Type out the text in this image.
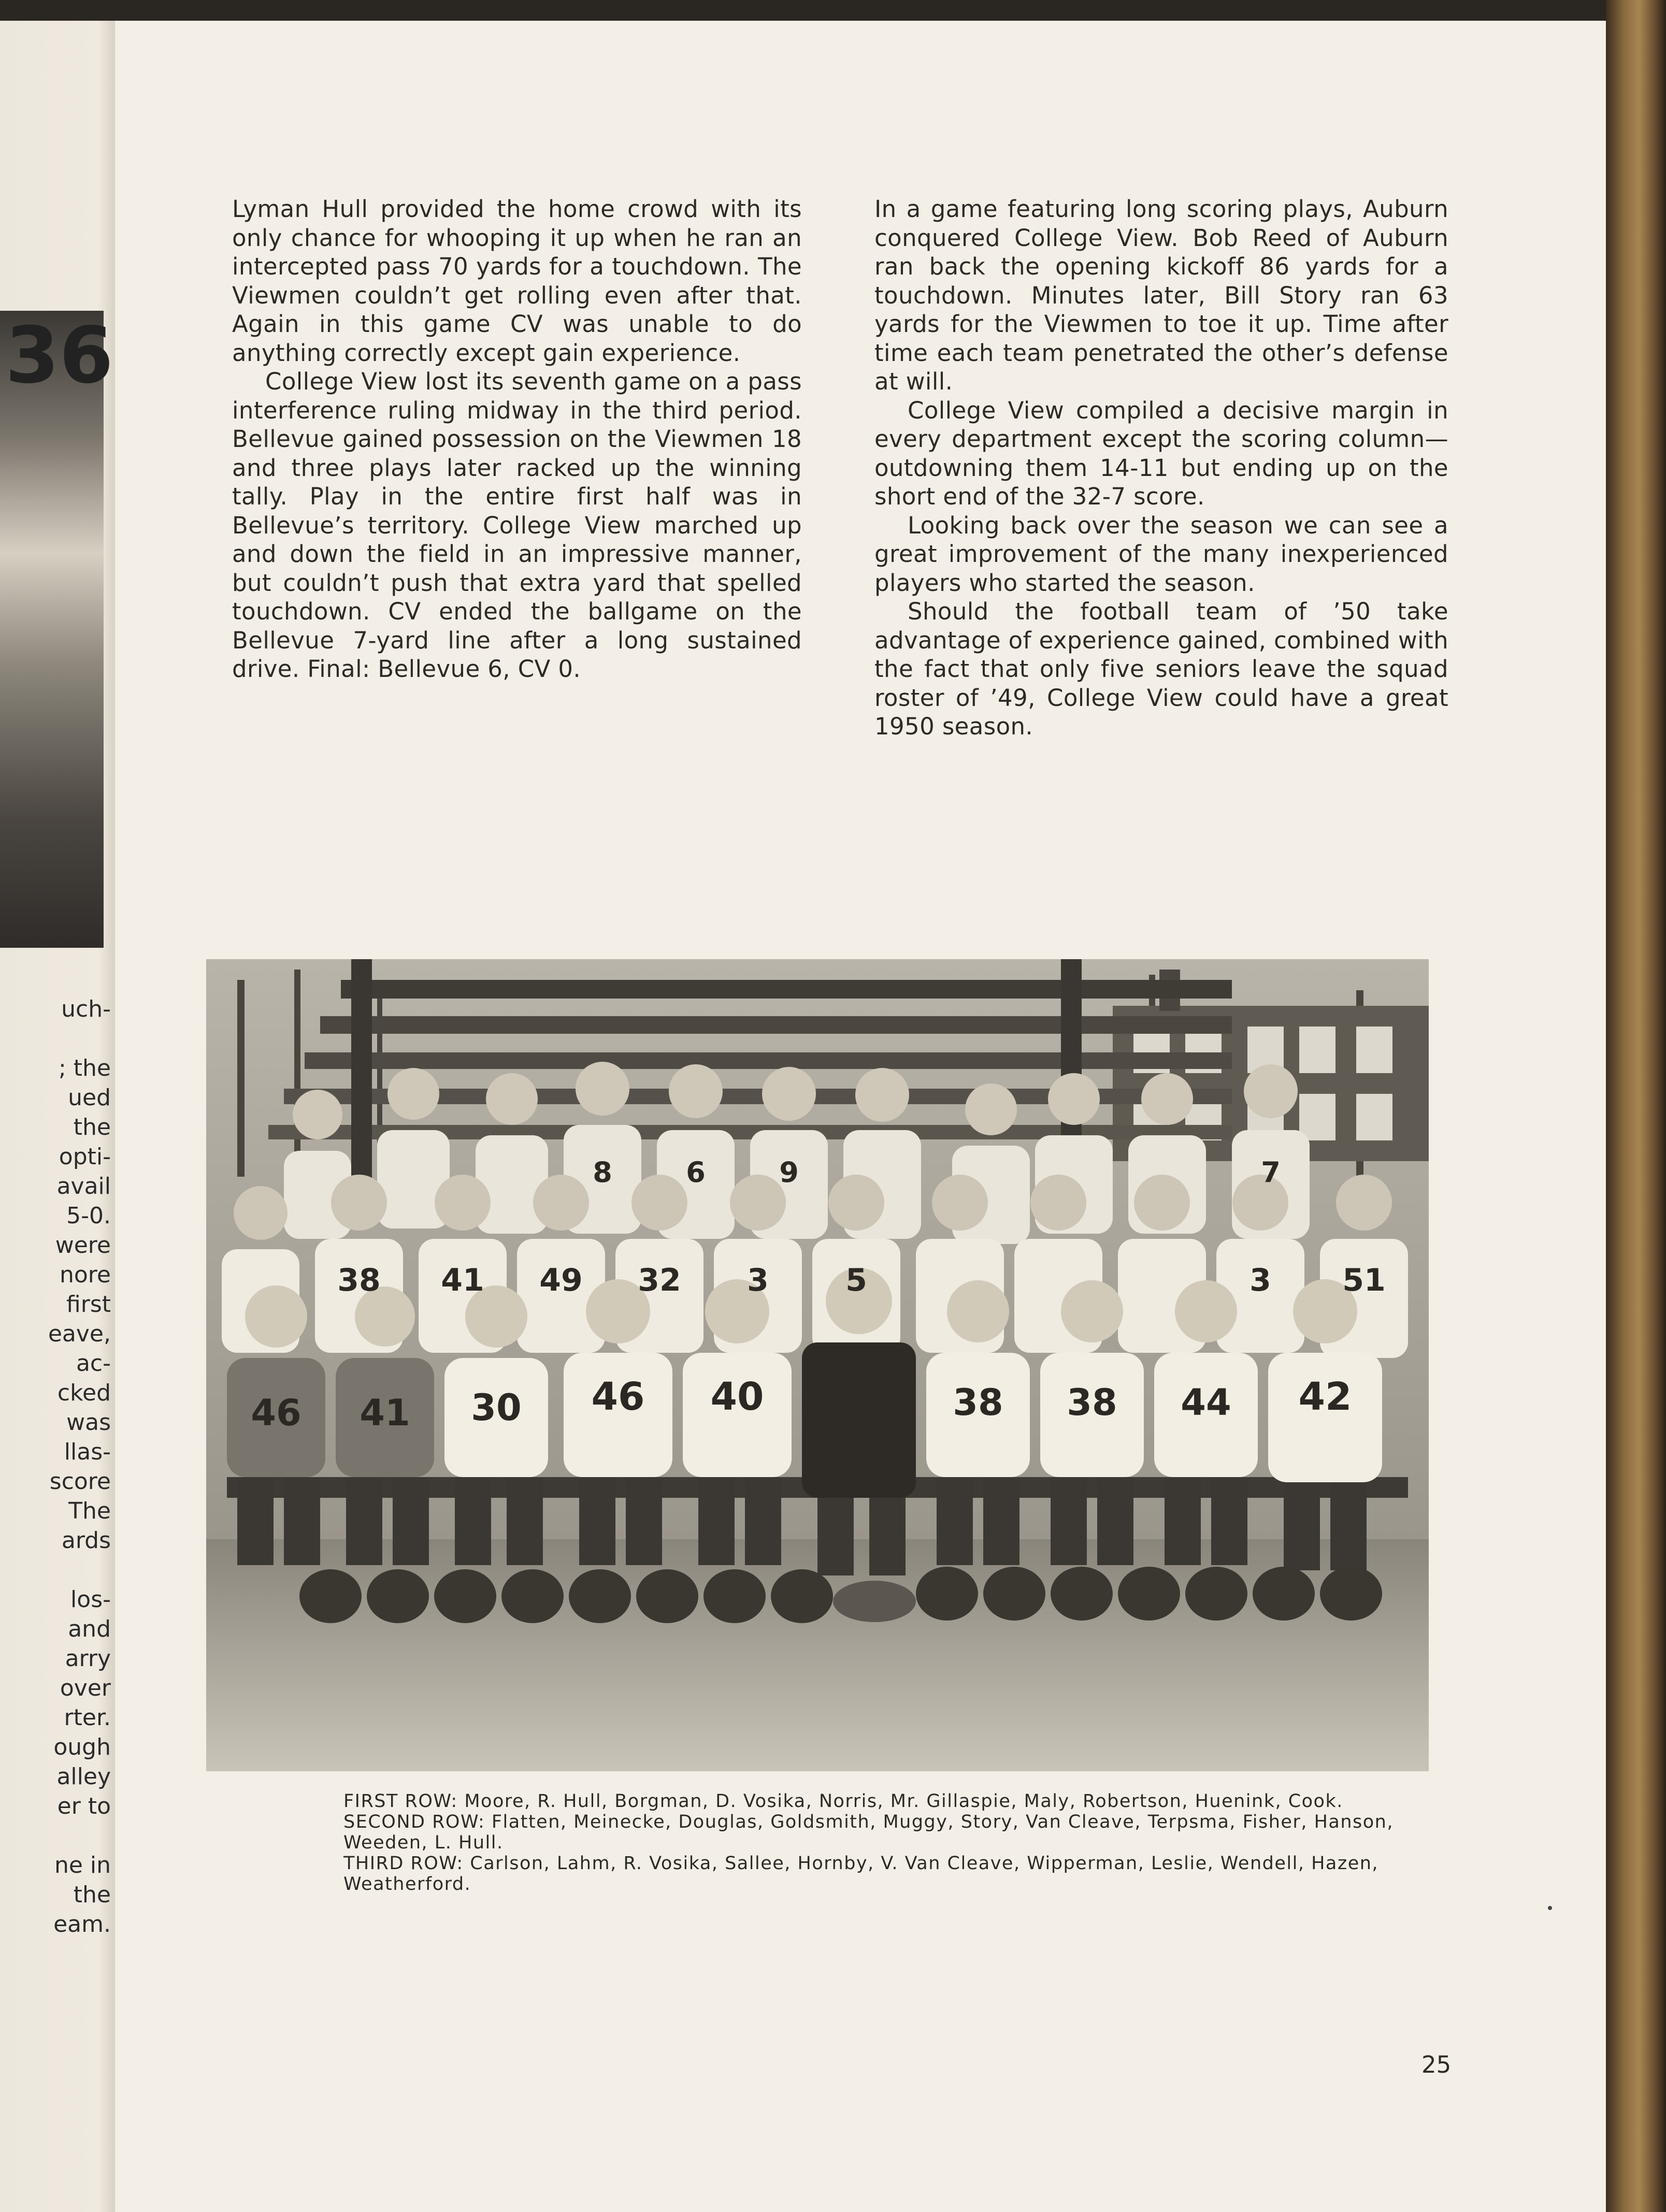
Lyman Hull provided the home crowd with its only chance for whooping it up when he ran an intercepted pass 70 yards for a touchdown. The Viewmen couldn’t get rolling even after that. Again in this game CV was unable to do anything correctly except gain experience.

College View lost its seventh game on a pass interference ruling midway in the third period. Bellevue gained possession on the Viewmen 18 and three plays later racked up the winning tally. Play in the entire first half was in Bellevue’s territory. College View marched up and down the field in an impressive manner, but couldn’t push that extra yard that spelled touchdown. CV ended the ballgame on the Bellevue 7-yard line after a long sustained drive. Final: Bellevue 6, CV 0.

In a game featuring long scoring plays, Auburn conquered College View. Bob Reed of Auburn ran back the opening kickoff 86 yards for a touchdown. Minutes later, Bill Story ran 63 yards for the Viewmen to toe it up. Time after time each team penetrated the other’s defense at will.

College View compiled a decisive margin in every department except the scoring column—outdowning them 14-11 but ending up on the short end of the 32-7 score.

Looking back over the season we can see a great improvement of the many inexperienced players who started the season.

Should the football team of ’50 take advantage of experience gained, combined with the fact that only five seniors leave the squad roster of ’49, College View could have a great 1950 season.

46 41 30 46 40	38 38 44 42
38 41 49 32 3 5	3 51
8	6	9	7

FIRST ROW: Moore, R. Hull, Borgman, D. Vosika, Norris, Mr. Gillaspie, Maly, Robertson, Huenink, Cook.

SECOND ROW: Flatten, Meinecke, Douglas, Goldsmith, Muggy, Story, Van Cleave, Terpsma, Fisher, Hanson, Weeden, L. Hull.

THIRD ROW: Carlson, Lahm, R. Vosika, Sallee, Hornby, V. Van Cleave, Wipperman, Leslie, Wendell, Hazen, Weatherford.

25
36
uch-

; the
ued
the
opti-
avail
5-0.
were
nore
first
eave,
ac-
cked
was
llas-
score
The
ards

los-
and
arry
over
rter.
ough
alley
er to

ne in
the
eam.
